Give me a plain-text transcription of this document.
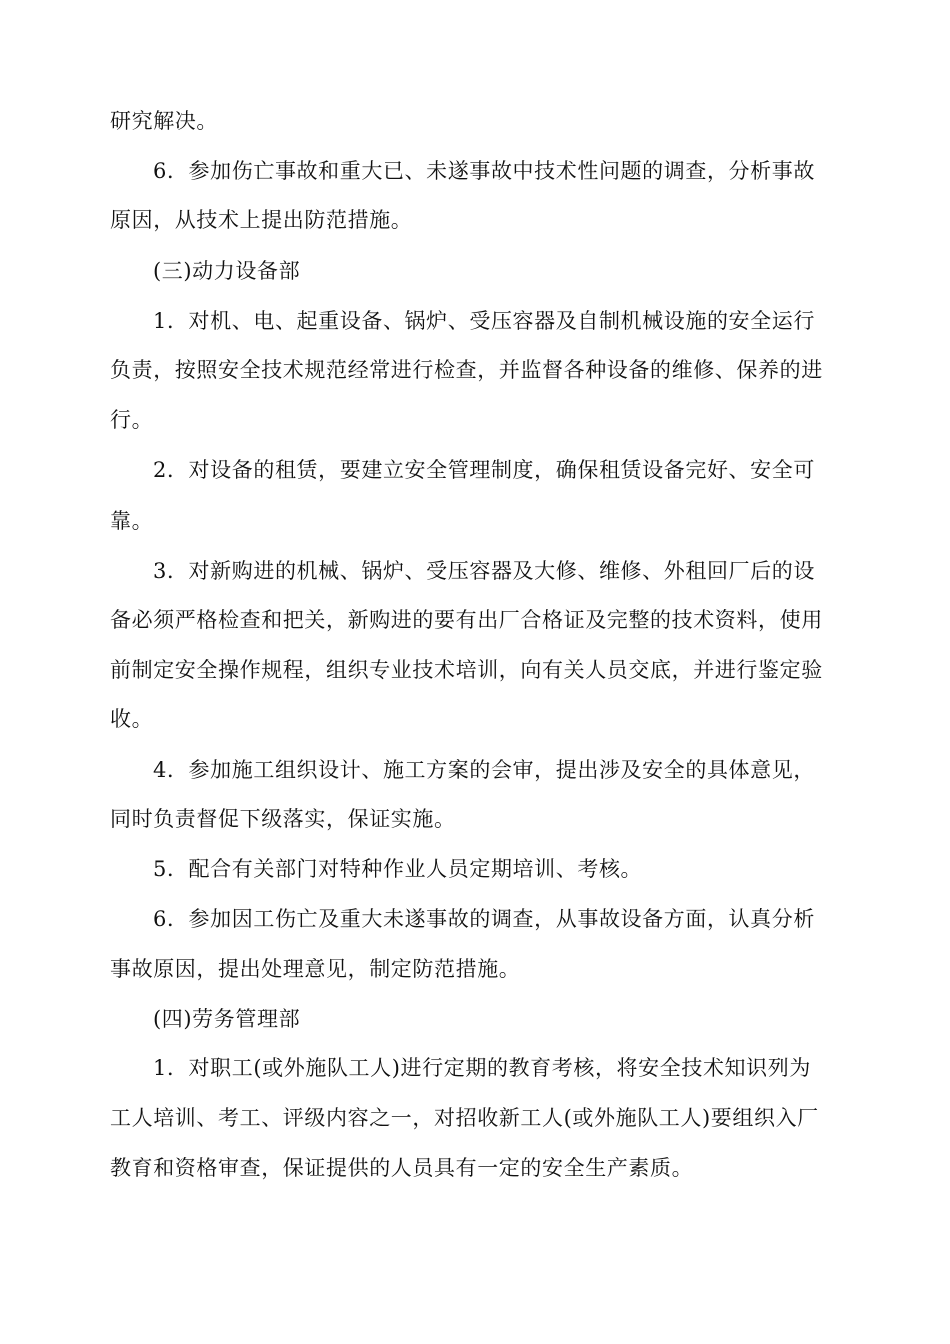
研究解决。

6．参加伤亡事故和重大已、未遂事故中技术性问题的调查，分析事故

原因，从技术上提出防范措施。

(三)动力设备部

1．对机、电、起重设备、锅炉、受压容器及自制机械设施的安全运行

负责，按照安全技术规范经常进行检查，并监督各种设备的维修、保养的进

行。

2．对设备的租赁，要建立安全管理制度，确保租赁设备完好、安全可

靠。

3．对新购进的机械、锅炉、受压容器及大修、维修、外租回厂后的设

备必须严格检查和把关，新购进的要有出厂合格证及完整的技术资料，使用

前制定安全操作规程，组织专业技术培训，向有关人员交底，并进行鉴定验

收。

4．参加施工组织设计、施工方案的会审，提出涉及安全的具体意见，

同时负责督促下级落实，保证实施。

5．配合有关部门对特种作业人员定期培训、考核。

6．参加因工伤亡及重大未遂事故的调查，从事故设备方面，认真分析

事故原因，提出处理意见，制定防范措施。

(四)劳务管理部

1．对职工(或外施队工人)进行定期的教育考核，将安全技术知识列为

工人培训、考工、评级内容之一，对招收新工人(或外施队工人)要组织入厂

教育和资格审查，保证提供的人员具有一定的安全生产素质。
